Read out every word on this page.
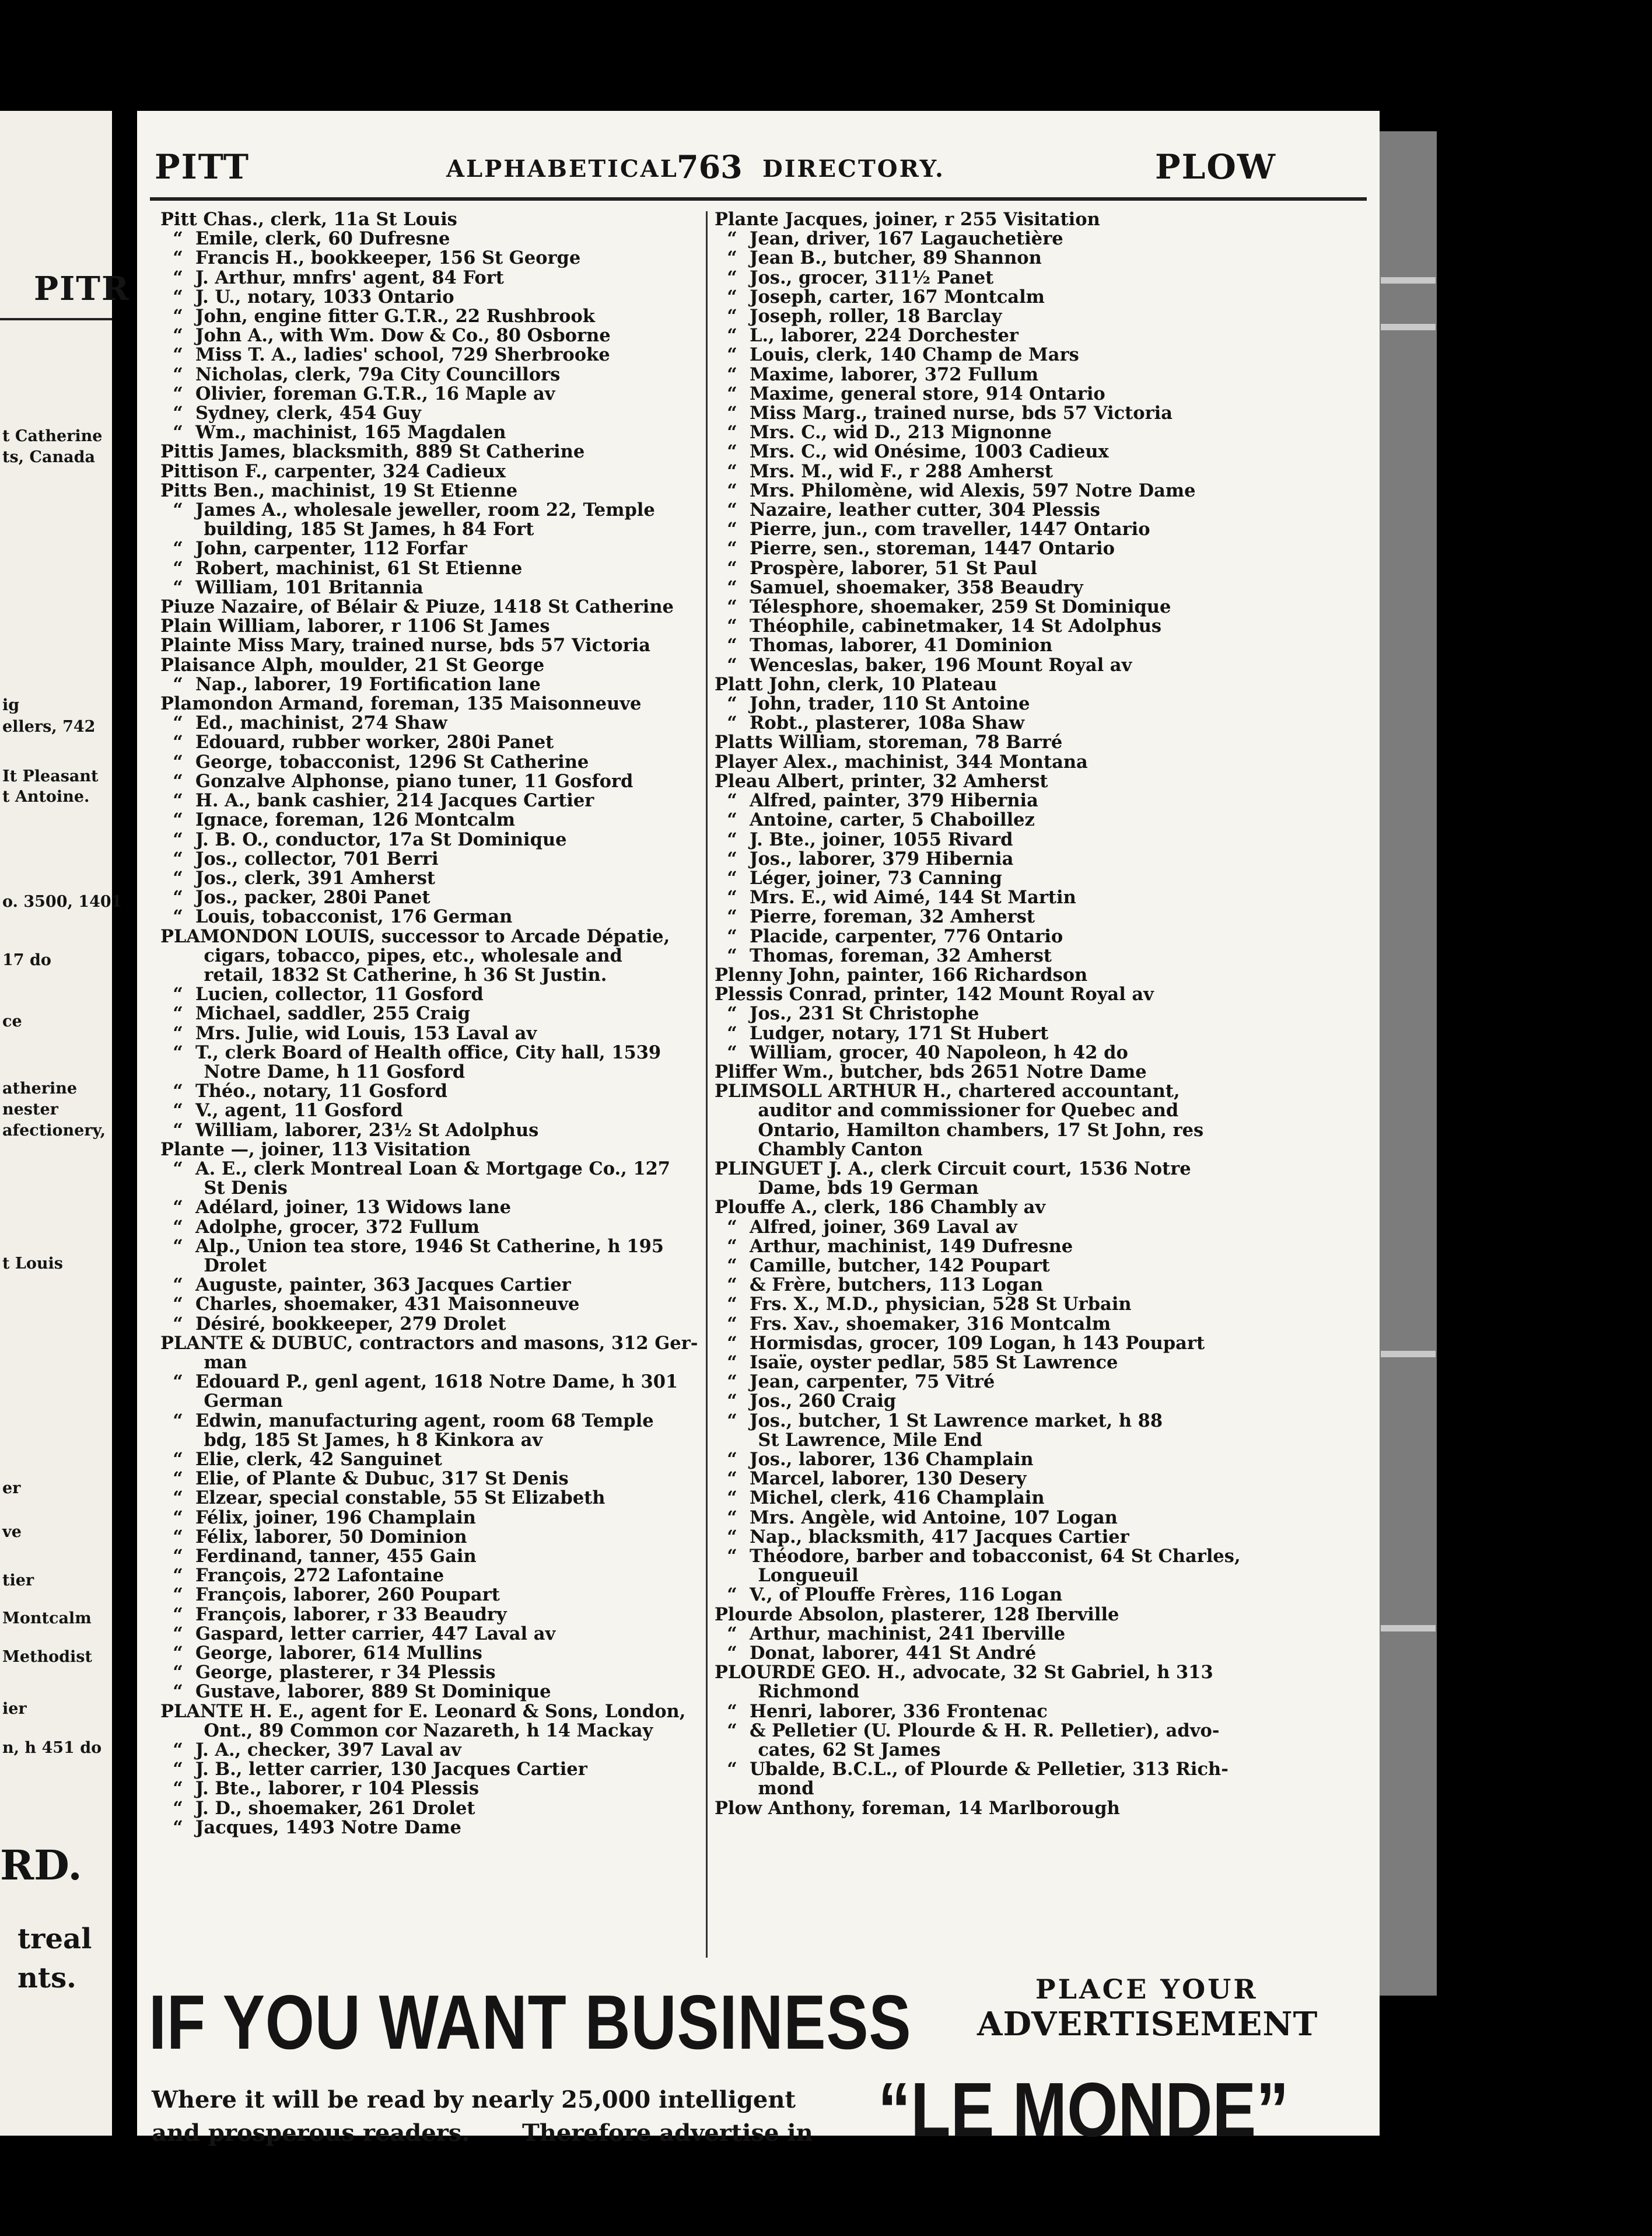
PITR
t Catherine
ts, Canada
ig
ellers, 742
It Pleasant
t Antoine.
o. 3500, 1401
17 do
ce
atherine
nester
afectionery,
t Louis
er
ve
tier
Montcalm
Methodist
ier
n, h 451 do
RD.
treal
nts.
PITT	ALPHABETICAL
763 DIRECTORY.	PLOW
Pitt Chas., clerk, 11a St Louis
“  Emile, clerk, 60 Dufresne
“  Francis H., bookkeeper, 156 St George
“  J. Arthur, mnfrs' agent, 84 Fort
“  J. U., notary, 1033 Ontario
“  John, engine fitter G.T.R., 22 Rushbrook
“  John A., with Wm. Dow & Co., 80 Osborne
“  Miss T. A., ladies' school, 729 Sherbrooke
“  Nicholas, clerk, 79a City Councillors
“  Olivier, foreman G.T.R., 16 Maple av
“  Sydney, clerk, 454 Guy
“  Wm., machinist, 165 Magdalen
Pittis James, blacksmith, 889 St Catherine
Pittison F., carpenter, 324 Cadieux
Pitts Ben., machinist, 19 St Etienne
“  James A., wholesale jeweller, room 22, Temple
building, 185 St James, h 84 Fort
“  John, carpenter, 112 Forfar
“  Robert, machinist, 61 St Etienne
“  William, 101 Britannia
Piuze Nazaire, of Bélair & Piuze, 1418 St Catherine
Plain William, laborer, r 1106 St James
Plainte Miss Mary, trained nurse, bds 57 Victoria
Plaisance Alph, moulder, 21 St George
“  Nap., laborer, 19 Fortification lane
Plamondon Armand, foreman, 135 Maisonneuve
“  Ed., machinist, 274 Shaw
“  Edouard, rubber worker, 280i Panet
“  George, tobacconist, 1296 St Catherine
“  Gonzalve Alphonse, piano tuner, 11 Gosford
“  H. A., bank cashier, 214 Jacques Cartier
“  Ignace, foreman, 126 Montcalm
“  J. B. O., conductor, 17a St Dominique
“  Jos., collector, 701 Berri
“  Jos., clerk, 391 Amherst
“  Jos., packer, 280i Panet
“  Louis, tobacconist, 176 German
PLAMONDON LOUIS, successor to Arcade Dépatie,
cigars, tobacco, pipes, etc., wholesale and
retail, 1832 St Catherine, h 36 St Justin.
“  Lucien, collector, 11 Gosford
“  Michael, saddler, 255 Craig
“  Mrs. Julie, wid Louis, 153 Laval av
“  T., clerk Board of Health office, City hall, 1539
Notre Dame, h 11 Gosford
“  Théo., notary, 11 Gosford
“  V., agent, 11 Gosford
“  William, laborer, 23½ St Adolphus
Plante —, joiner, 113 Visitation
“  A. E., clerk Montreal Loan & Mortgage Co., 127
St Denis
“  Adélard, joiner, 13 Widows lane
“  Adolphe, grocer, 372 Fullum
“  Alp., Union tea store, 1946 St Catherine, h 195
Drolet
“  Auguste, painter, 363 Jacques Cartier
“  Charles, shoemaker, 431 Maisonneuve
“  Désiré, bookkeeper, 279 Drolet
PLANTE & DUBUC, contractors and masons, 312 Ger-
man
“  Edouard P., genl agent, 1618 Notre Dame, h 301
German
“  Edwin, manufacturing agent, room 68 Temple
bdg, 185 St James, h 8 Kinkora av
“  Elie, clerk, 42 Sanguinet
“  Elie, of Plante & Dubuc, 317 St Denis
“  Elzear, special constable, 55 St Elizabeth
“  Félix, joiner, 196 Champlain
“  Félix, laborer, 50 Dominion
“  Ferdinand, tanner, 455 Gain
“  François, 272 Lafontaine
“  François, laborer, 260 Poupart
“  François, laborer, r 33 Beaudry
“  Gaspard, letter carrier, 447 Laval av
“  George, laborer, 614 Mullins
“  George, plasterer, r 34 Plessis
“  Gustave, laborer, 889 St Dominique
PLANTE H. E., agent for E. Leonard & Sons, London,
Ont., 89 Common cor Nazareth, h 14 Mackay
“  J. A., checker, 397 Laval av
“  J. B., letter carrier, 130 Jacques Cartier
“  J. Bte., laborer, r 104 Plessis
“  J. D., shoemaker, 261 Drolet
“  Jacques, 1493 Notre Dame
Plante Jacques, joiner, r 255 Visitation
“  Jean, driver, 167 Lagauchetière
“  Jean B., butcher, 89 Shannon
“  Jos., grocer, 311½ Panet
“  Joseph, carter, 167 Montcalm
“  Joseph, roller, 18 Barclay
“  L., laborer, 224 Dorchester
“  Louis, clerk, 140 Champ de Mars
“  Maxime, laborer, 372 Fullum
“  Maxime, general store, 914 Ontario
“  Miss Marg., trained nurse, bds 57 Victoria
“  Mrs. C., wid D., 213 Mignonne
“  Mrs. C., wid Onésime, 1003 Cadieux
“  Mrs. M., wid F., r 288 Amherst
“  Mrs. Philomène, wid Alexis, 597 Notre Dame
“  Nazaire, leather cutter, 304 Plessis
“  Pierre, jun., com traveller, 1447 Ontario
“  Pierre, sen., storeman, 1447 Ontario
“  Prospère, laborer, 51 St Paul
“  Samuel, shoemaker, 358 Beaudry
“  Télesphore, shoemaker, 259 St Dominique
“  Théophile, cabinetmaker, 14 St Adolphus
“  Thomas, laborer, 41 Dominion
“  Wenceslas, baker, 196 Mount Royal av
Platt John, clerk, 10 Plateau
“  John, trader, 110 St Antoine
“  Robt., plasterer, 108a Shaw
Platts William, storeman, 78 Barré
Player Alex., machinist, 344 Montana
Pleau Albert, printer, 32 Amherst
“  Alfred, painter, 379 Hibernia
“  Antoine, carter, 5 Chaboillez
“  J. Bte., joiner, 1055 Rivard
“  Jos., laborer, 379 Hibernia
“  Léger, joiner, 73 Canning
“  Mrs. E., wid Aimé, 144 St Martin
“  Pierre, foreman, 32 Amherst
“  Placide, carpenter, 776 Ontario
“  Thomas, foreman, 32 Amherst
Plenny John, painter, 166 Richardson
Plessis Conrad, printer, 142 Mount Royal av
“  Jos., 231 St Christophe
“  Ludger, notary, 171 St Hubert
“  William, grocer, 40 Napoleon, h 42 do
Pliffer Wm., butcher, bds 2651 Notre Dame
PLIMSOLL ARTHUR H., chartered accountant,
auditor and commissioner for Quebec and
Ontario, Hamilton chambers, 17 St John, res
Chambly Canton
PLINGUET J. A., clerk Circuit court, 1536 Notre
Dame, bds 19 German
Plouffe A., clerk, 186 Chambly av
“  Alfred, joiner, 369 Laval av
“  Arthur, machinist, 149 Dufresne
“  Camille, butcher, 142 Poupart
“  & Frère, butchers, 113 Logan
“  Frs. X., M.D., physician, 528 St Urbain
“  Frs. Xav., shoemaker, 316 Montcalm
“  Hormisdas, grocer, 109 Logan, h 143 Poupart
“  Isaïe, oyster pedlar, 585 St Lawrence
“  Jean, carpenter, 75 Vitré
“  Jos., 260 Craig
“  Jos., butcher, 1 St Lawrence market, h 88
St Lawrence, Mile End
“  Jos., laborer, 136 Champlain
“  Marcel, laborer, 130 Desery
“  Michel, clerk, 416 Champlain
“  Mrs. Angèle, wid Antoine, 107 Logan
“  Nap., blacksmith, 417 Jacques Cartier
“  Théodore, barber and tobacconist, 64 St Charles,
Longueuil
“  V., of Plouffe Frères, 116 Logan
Plourde Absolon, plasterer, 128 Iberville
“  Arthur, machinist, 241 Iberville
“  Donat, laborer, 441 St André
PLOURDE GEO. H., advocate, 32 St Gabriel, h 313
Richmond
“  Henri, laborer, 336 Frontenac
“  & Pelletier (U. Plourde & H. R. Pelletier), advo-
cates, 62 St James
“  Ubalde, B.C.L., of Plourde & Pelletier, 313 Rich-
mond
Plow Anthony, foreman, 14 Marlborough
IF YOU WANT BUSINESS	PLACE YOUR
ADVERTISEMENT
Where it will be read by nearly 25,000 intelligent
and prosperous readers. Therefore advertise in “LE MONDE”
